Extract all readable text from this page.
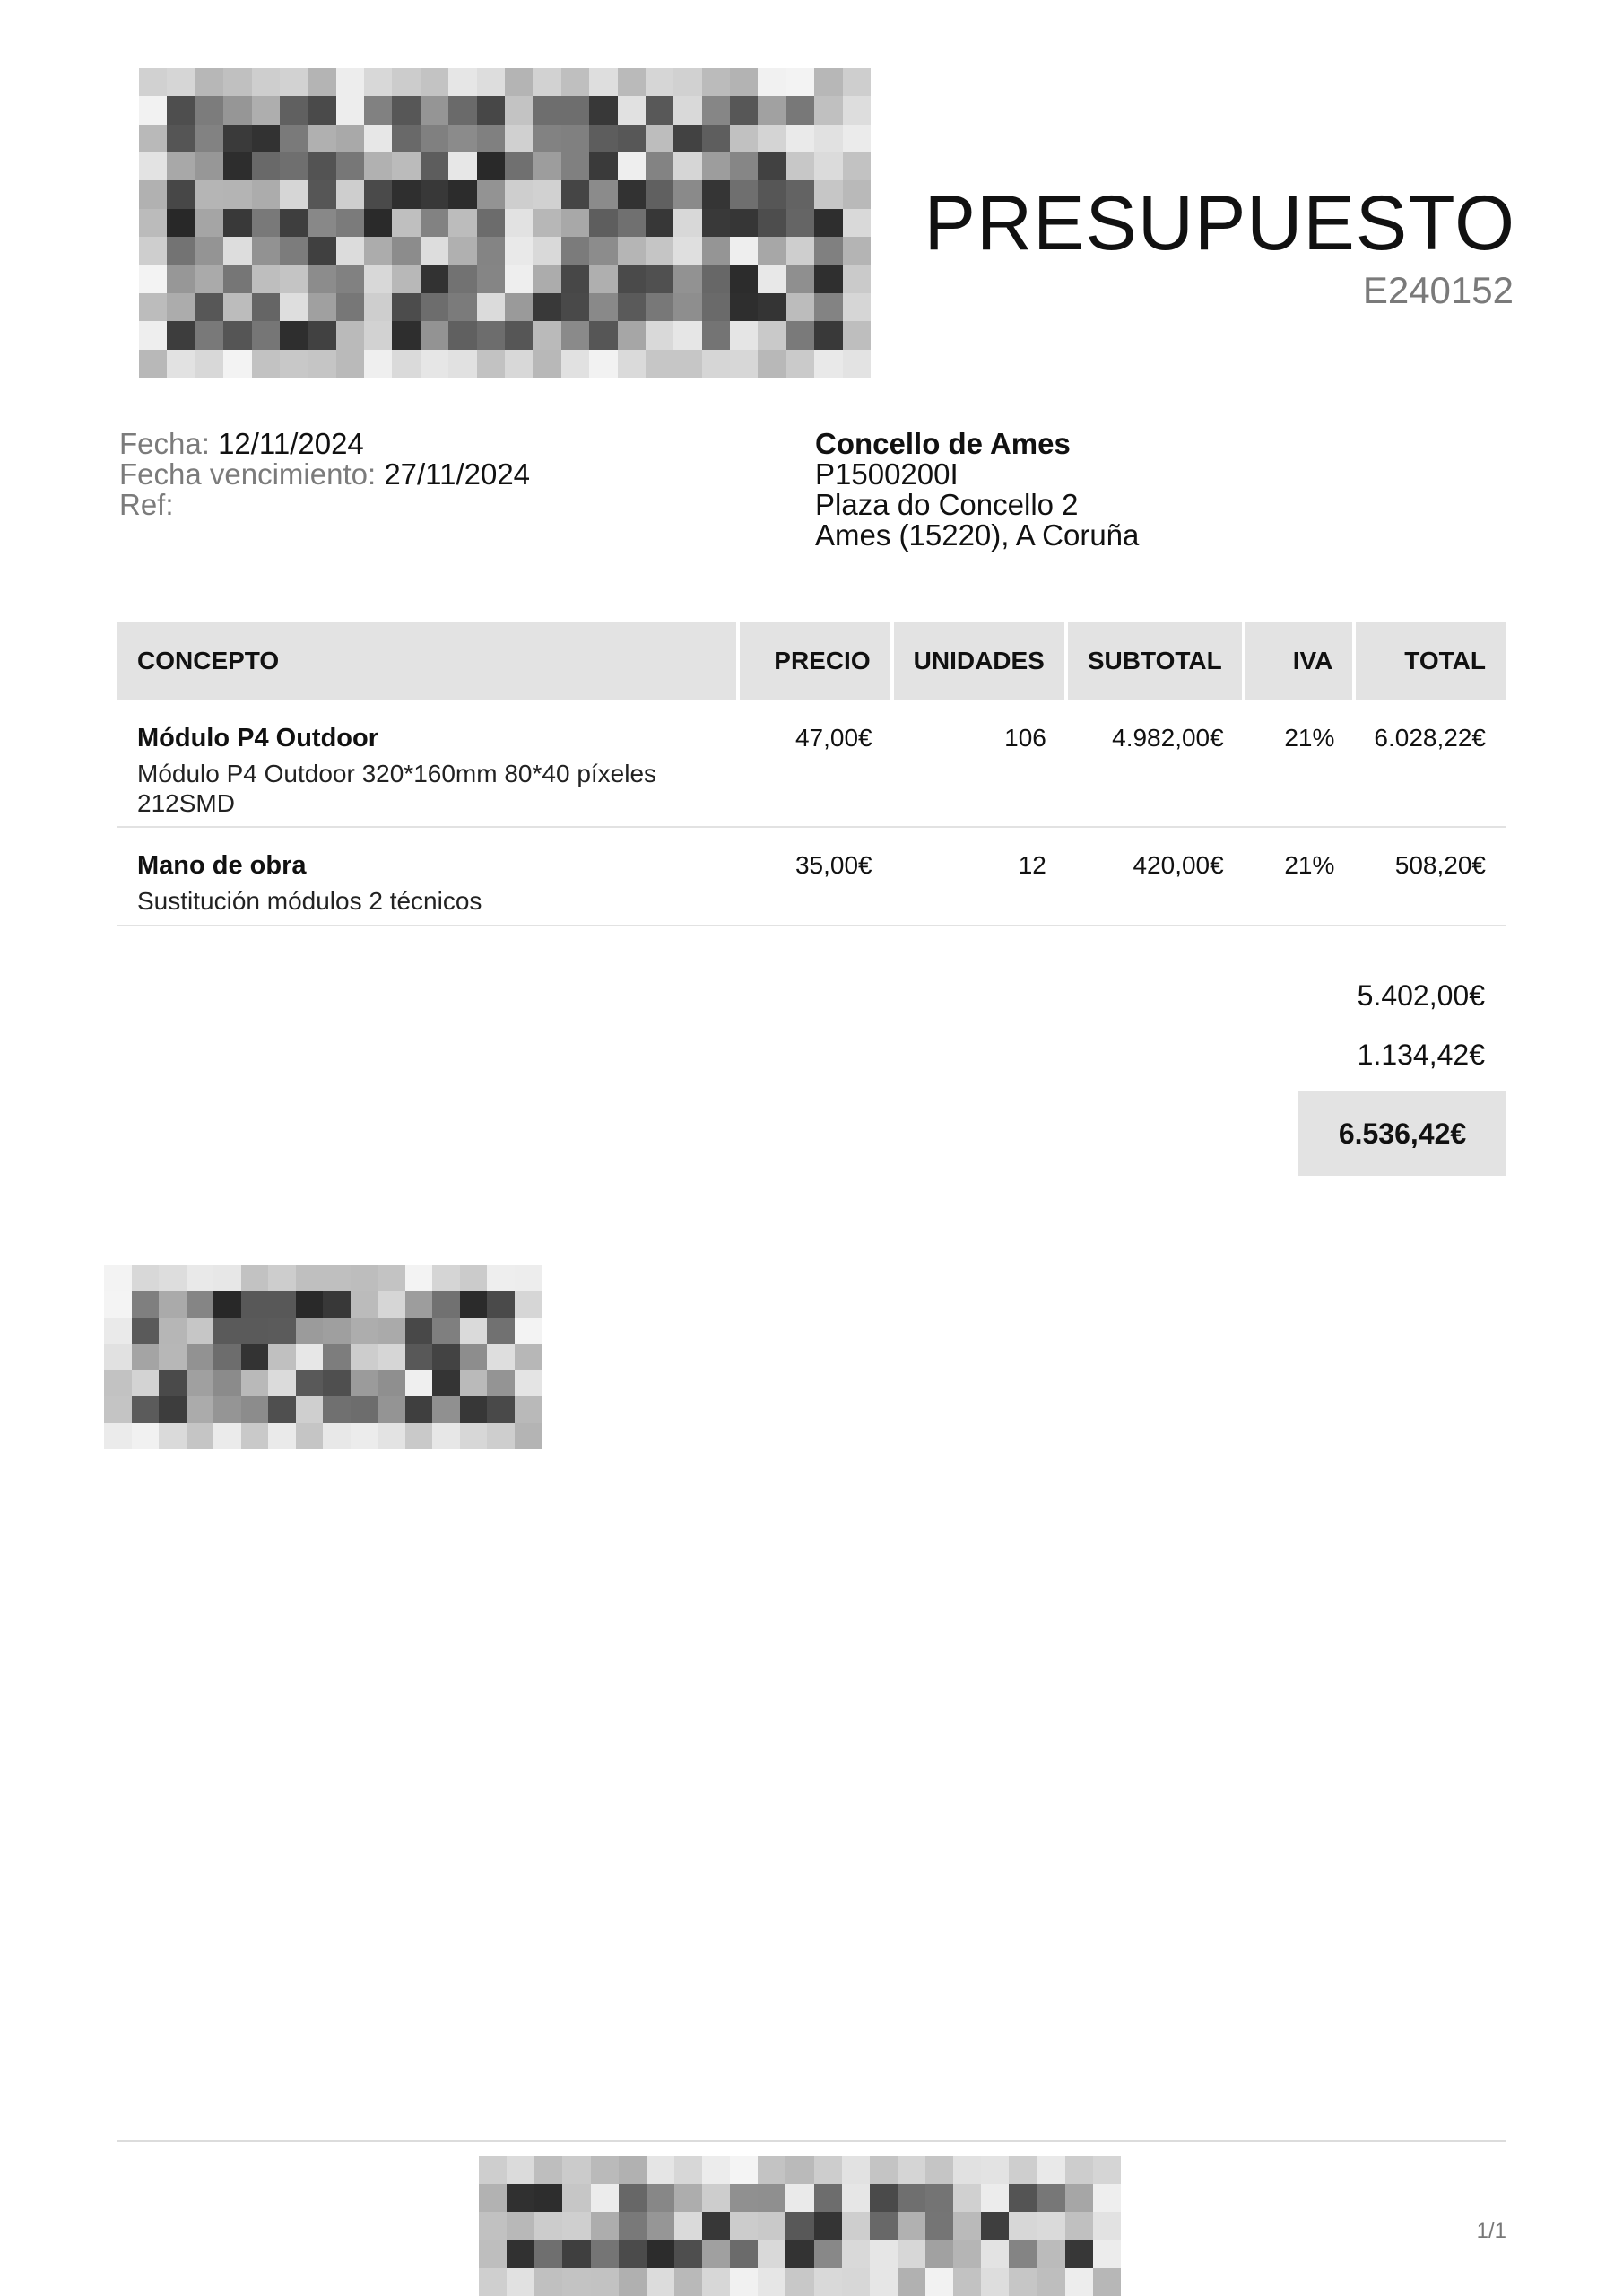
PRESUPUESTO
E240152
Fecha: 12/11/2024
Fecha vencimiento: 27/11/2024
Ref:
Concello de Ames
P1500200I
Plaza do Concello 2
Ames (15220), A Coruña
CONCEPTO	PRECIO	UNIDADES	SUBTOTAL	IVA	TOTAL

Módulo P4 Outdoor
Módulo P4 Outdoor 320*160mm 80*40 píxeles 212SMD	47,00€	106	4.982,00€	21%	6.028,22€

Mano de obra
Sustitución módulos 2 técnicos	35,00€	12	420,00€	21%	508,20€
5.402,00€
1.134,42€
6.536,42€
1/1
